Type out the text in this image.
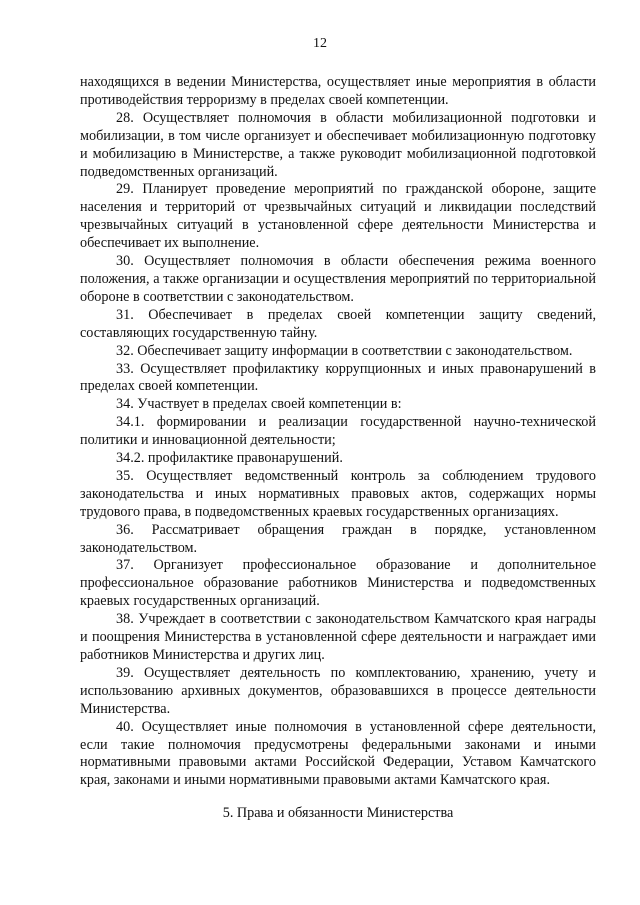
12

находящихся в ведении Министерства, осуществляет иные мероприятия в области противодействия терроризму в пределах своей компетенции.

28. Осуществляет полномочия в области мобилизационной подготовки и мобилизации, в том числе организует и обеспечивает мобилизационную подготовку и мобилизацию в Министерстве, а также руководит мобилизационной подготовкой подведомственных организаций.

29. Планирует проведение мероприятий по гражданской обороне, защите населения и территорий от чрезвычайных ситуаций и ликвидации последствий чрезвычайных ситуаций в установленной сфере деятельности Министерства и обеспечивает их выполнение.

30. Осуществляет полномочия в области обеспечения режима военного положения, а также организации и осуществления мероприятий по территориальной обороне в соответствии с законодательством.

31. Обеспечивает в пределах своей компетенции защиту сведений, составляющих государственную тайну.

32. Обеспечивает защиту информации в соответствии с законодательством.

33. Осуществляет профилактику коррупционных и иных правонарушений в пределах своей компетенции.

34. Участвует в пределах своей компетенции в:

34.1. формировании и реализации государственной научно-технической политики и инновационной деятельности;

34.2. профилактике правонарушений.

35. Осуществляет ведомственный контроль за соблюдением трудового законодательства и иных нормативных правовых актов, содержащих нормы трудового права, в подведомственных краевых государственных организациях.

36. Рассматривает обращения граждан в порядке, установленном законодательством.

37. Организует профессиональное образование и дополнительное профессиональное образование работников Министерства и подведомственных краевых государственных организаций.

38. Учреждает в соответствии с законодательством Камчатского края награды и поощрения Министерства в установленной сфере деятельности и награждает ими работников Министерства и других лиц.

39. Осуществляет деятельность по комплектованию, хранению, учету и использованию архивных документов, образовавшихся в процессе деятельности Министерства.

40. Осуществляет иные полномочия в установленной сфере деятельности, если такие полномочия предусмотрены федеральными законами и иными нормативными правовыми актами Российской Федерации, Уставом Камчатского края, законами и иными нормативными правовыми актами Камчатского края.

5. Права и обязанности Министерства
